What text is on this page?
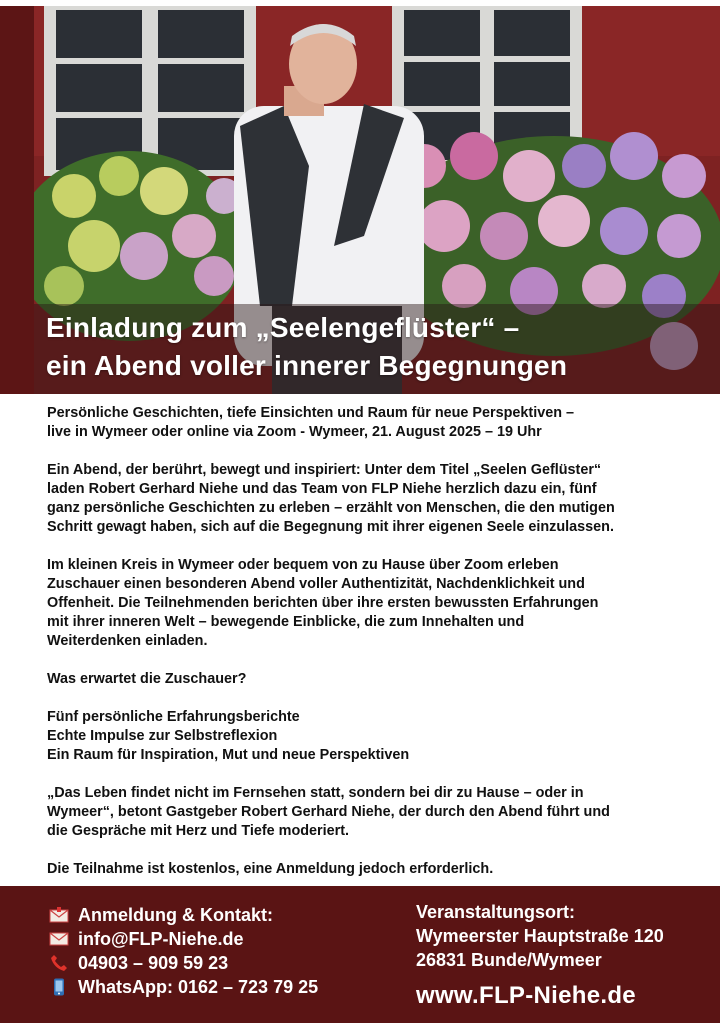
Einladung zum „Seelengeflüster“ –
ein Abend voller innerer Begegnungen

Persönliche Geschichten, tiefe Einsichten und Raum für neue Perspektiven –
live in Wymeer oder online via Zoom - Wymeer, 21. August 2025 – 19 Uhr

Ein Abend, der berührt, bewegt und inspiriert: Unter dem Titel „Seelen Geflüster“
laden Robert Gerhard Niehe und das Team von FLP Niehe herzlich dazu ein, fünf
ganz persönliche Geschichten zu erleben – erzählt von Menschen, die den mutigen
Schritt gewagt haben, sich auf die Begegnung mit ihrer eigenen Seele einzulassen.

Im kleinen Kreis in Wymeer oder bequem von zu Hause über Zoom erleben
Zuschauer einen besonderen Abend voller Authentizität, Nachdenklichkeit und
Offenheit. Die Teilnehmenden berichten über ihre ersten bewussten Erfahrungen
mit ihrer inneren Welt – bewegende Einblicke, die zum Innehalten und
Weiterdenken einladen.

Was erwartet die Zuschauer?

Fünf persönliche Erfahrungsberichte
Echte Impulse zur Selbstreflexion
Ein Raum für Inspiration, Mut und neue Perspektiven

„Das Leben findet nicht im Fernsehen statt, sondern bei dir zu Hause – oder in
Wymeer“, betont Gastgeber Robert Gerhard Niehe, der durch den Abend führt und
die Gespräche mit Herz und Tiefe moderiert.

Die Teilnahme ist kostenlos, eine Anmeldung jedoch erforderlich.

Anmeldung & Kontakt:
info@FLP-Niehe.de
04903 – 909 59 23
WhatsApp: 0162 – 723 79 25
Veranstaltungsort:
Wymeerster Hauptstraße 120
26831 Bunde/Wymeer
www.FLP-Niehe.de
